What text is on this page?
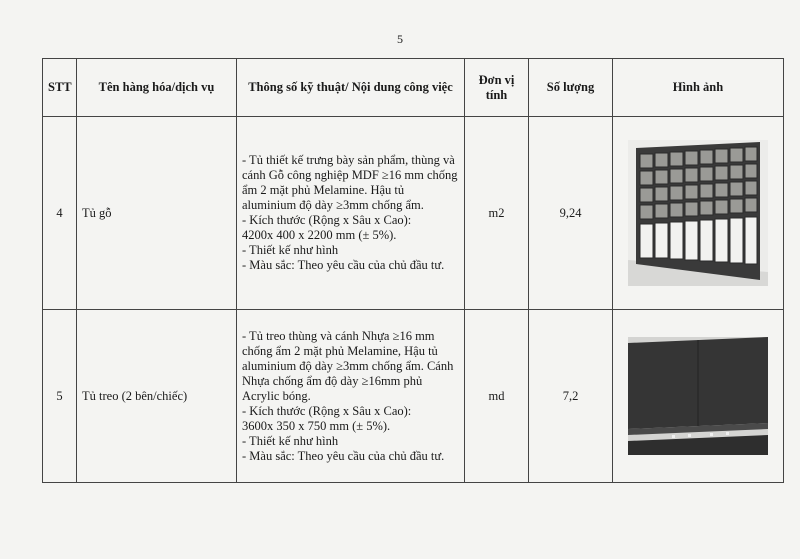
5
STT	Tên hàng hóa/dịch vụ	Thông số kỹ thuật/ Nội dung công việc	Đơn vị tính	Số lượng	Hình ảnh
4	Tủ gỗ	- Tủ thiết kế trưng bày sản phẩm, thùng và cánh Gỗ công nghiệp MDF ≥16 mm chống ẩm 2 mặt phủ Melamine. Hậu tủ aluminium độ dày ≥3mm chống ẩm.
- Kích thước (Rộng x Sâu x Cao):
4200x 400 x 2200 mm (± 5%).
- Thiết kế như hình
- Màu sắc: Theo yêu cầu của chủ đầu tư.	m2	9,24	

5	Tủ treo (2 bên/chiếc)	- Tủ treo thùng và cánh Nhựa ≥16 mm chống ẩm 2 mặt phủ Melamine, Hậu tủ aluminium độ dày ≥3mm chống ẩm. Cánh Nhựa chống ẩm độ dày ≥16mm phủ Acrylic bóng.
- Kích thước (Rộng x Sâu x Cao):
3600x 350 x 750 mm (± 5%).
- Thiết kế như hình
- Màu sắc: Theo yêu cầu của chủ đầu tư.	md	7,2	
